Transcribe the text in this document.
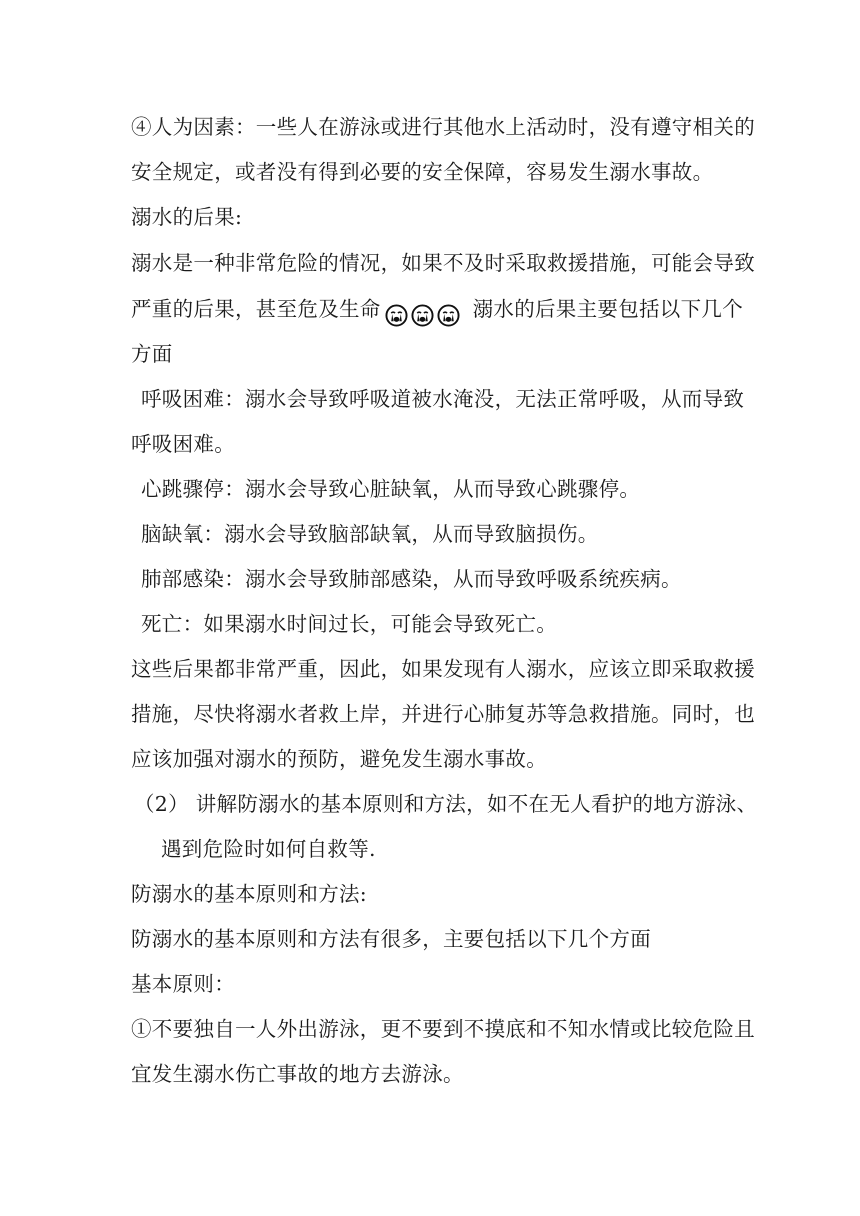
④人为因素：一些人在游泳或进行其他水上活动时，没有遵守相关的
安全规定，或者没有得到必要的安全保障，容易发生溺水事故。
溺水的后果:
溺水是一种非常危险的情况，如果不及时采取救援措施，可能会导致
严重的后果，甚至危及生命	溺水的后果主要包括以下几个
方面
呼吸困难：溺水会导致呼吸道被水淹没，无法正常呼吸，从而导致
呼吸困难。
心跳骤停：溺水会导致心脏缺氧，从而导致心跳骤停。
脑缺氧：溺水会导致脑部缺氧，从而导致脑损伤。
肺部感染：溺水会导致肺部感染，从而导致呼吸系统疾病。
死亡：如果溺水时间过长，可能会导致死亡。
这些后果都非常严重，因此，如果发现有人溺水，应该立即采取救援
措施，尽快将溺水者救上岸，并进行心肺复苏等急救措施。同时，也
应该加强对溺水的预防，避免发生溺水事故。
（2） 讲解防溺水的基本原则和方法，如不在无人看护的地方游泳、
遇到危险时如何自救等.
防溺水的基本原则和方法:
防溺水的基本原则和方法有很多，主要包括以下几个方面
基本原则：
①不要独自一人外出游泳，更不要到不摸底和不知水情或比较危险且
宜发生溺水伤亡事故的地方去游泳。
